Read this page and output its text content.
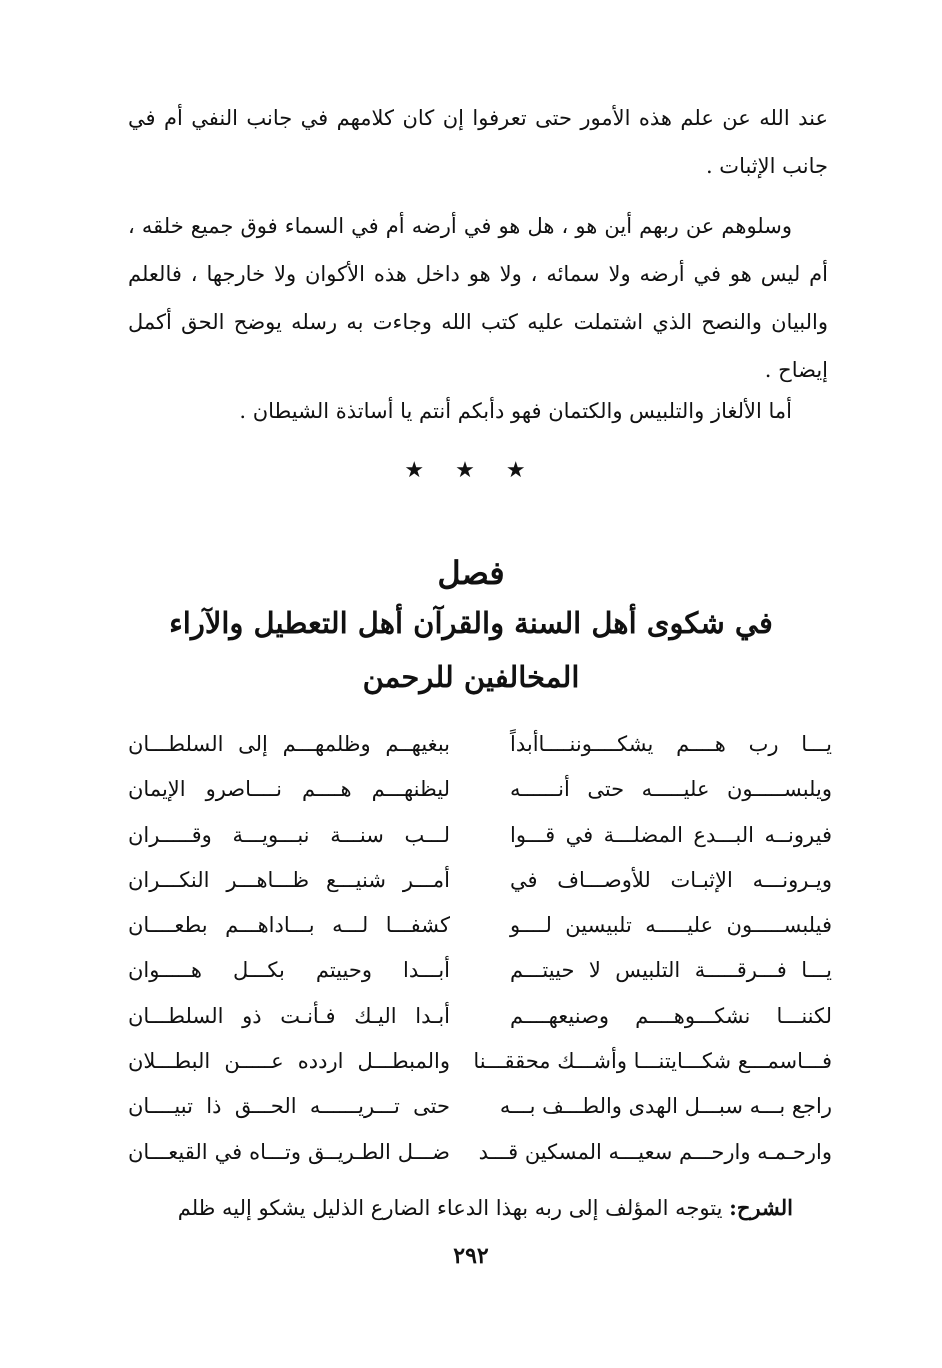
عند الله عن علم هذه الأمور حتى تعرفوا إن كان كلامهم في جانب النفي أم في جانب الإثبات .

وسلوهم عن ربهم أين هو ، هل هو في أرضه أم في السماء فوق جميع خلقه ، أم ليس هو في أرضه ولا سمائه ، ولا هو داخل هذه الأكوان ولا خارجها ، فالعلم والبيان والنصح الذي اشتملت عليه كتب الله وجاءت به رسله يوضح الحق أكمل إيضاح .

أما الألغاز والتلبيس والكتمان فهو دأبكم أنتم يا أساتذة الشيطان .

★ ★ ★
فصل
في شكوى أهل السنة والقرآن أهل التعطيل والآراء المخالفين للرحمن
يـــا رب هــــم يشكــــوننــــاأبداً
ببغيهــم وظلمهـــم إلى السلطـــان
ويلبســـــون عليـــــه حتى أنــــــه
ليظنهـــم هــــم نــــاصرو الإيمان
فيرونــه البـــدع المضلـــة في قـــوا
لـــب سنـــة نبـــويـــة وقـــــران
ويـرونـــه الإثبـات للأوصـــاف في
أمـــر شنيـــع ظـــاهـــر النكـــران
فيلبســـــون عليـــــه تلبيسين لــــو
كشفـــا لـــه بـــاداهـــم بطعــــان
يـــا فـــرقـــــة التلبيس لا حييتـــم
أبـــدا وحييتم بكـــل هـــــوان
لكننـــا نشكـــوهــــم وصنيعهــــم
أبـدا اليـك فـأنـت ذو السلطـــان
فـــاسمـــع شكـــايتنـــا وأشـــك محققـــنا
والمبطـــل اردده عـــــن البطـــلان
راجع بـــه سبـــل الهدى والطـــف بـــه
حتى تـــريــــــه الحـــق ذا تبيــــان
وارحـمـه وارحـــم سعيـــه المسكين قـــد
ضـــل الطـريــق وتـــاه في القيعـــان

الشرح: يتوجه المؤلف إلى ربه بهذا الدعاء الضارع الذليل يشكو إليه ظلم

٢٩٢
